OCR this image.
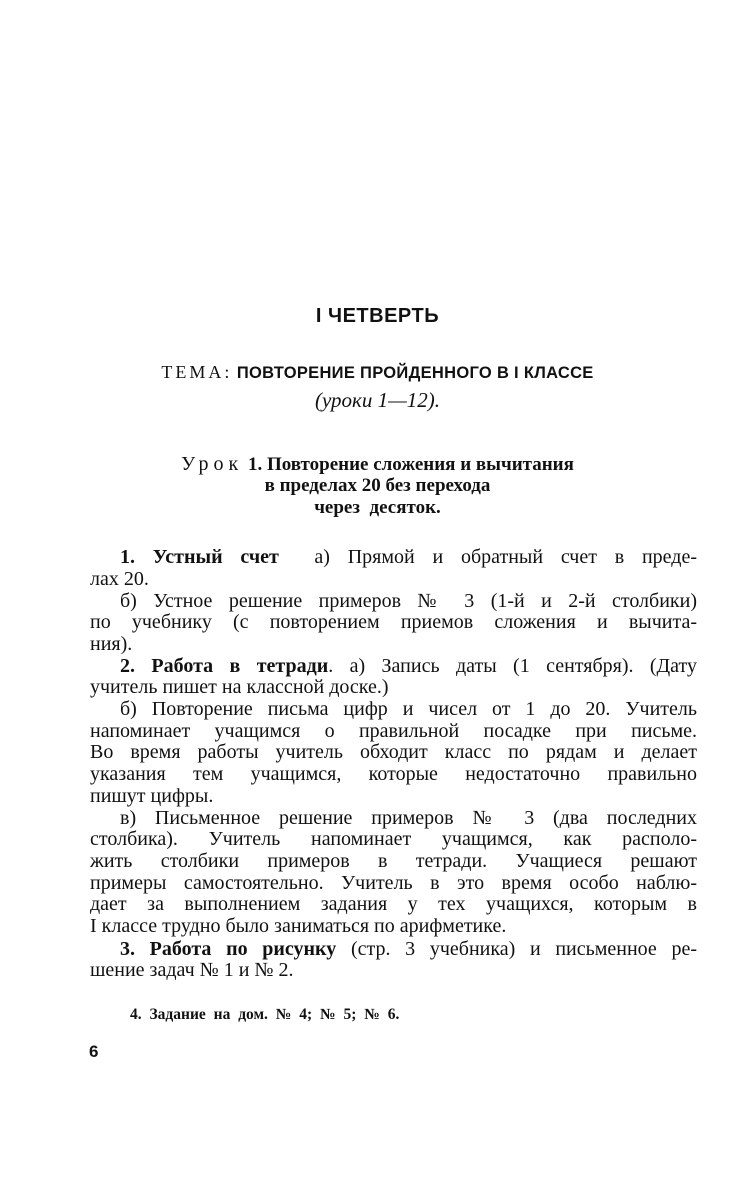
I ЧЕТВЕРТЬ
ТЕМА: ПОВТОРЕНИЕ ПРОЙДЕННОГО В I КЛАССЕ
(уроки 1—12).
Урок 1. Повторение сложения и вычитания
в пределах 20 без перехода
через  десяток.
1. Устный счет а) Прямой и обратный счет в преде-
лах 20.
б) Устное решение примеров № 3 (1-й и 2-й столбики)
по учебнику (с повторением приемов сложения и вычита-
ния).
2. Работа в тетради. а) Запись даты (1 сентября). (Дату
учитель пишет на классной доске.)
б) Повторение письма цифр и чисел от 1 до 20. Учитель
напоминает учащимся о правильной посадке при письме.
Во время работы учитель обходит класс по рядам и делает
указания тем учащимся, которые недостаточно правильно
пишут цифры.
в) Письменное решение примеров № 3 (два последних
столбика). Учитель напоминает учащимся, как располо-
жить столбики примеров в тетради. Учащиеся решают
примеры самостоятельно. Учитель в это время особо наблю-
дает за выполнением задания у тех учащихся, которым в
I классе трудно было заниматься по арифметике.
3. Работа по рисунку (стр. 3 учебника) и письменное ре-
шение задач № 1 и № 2.
4. Задание на дом. № 4; № 5; № 6.
6
